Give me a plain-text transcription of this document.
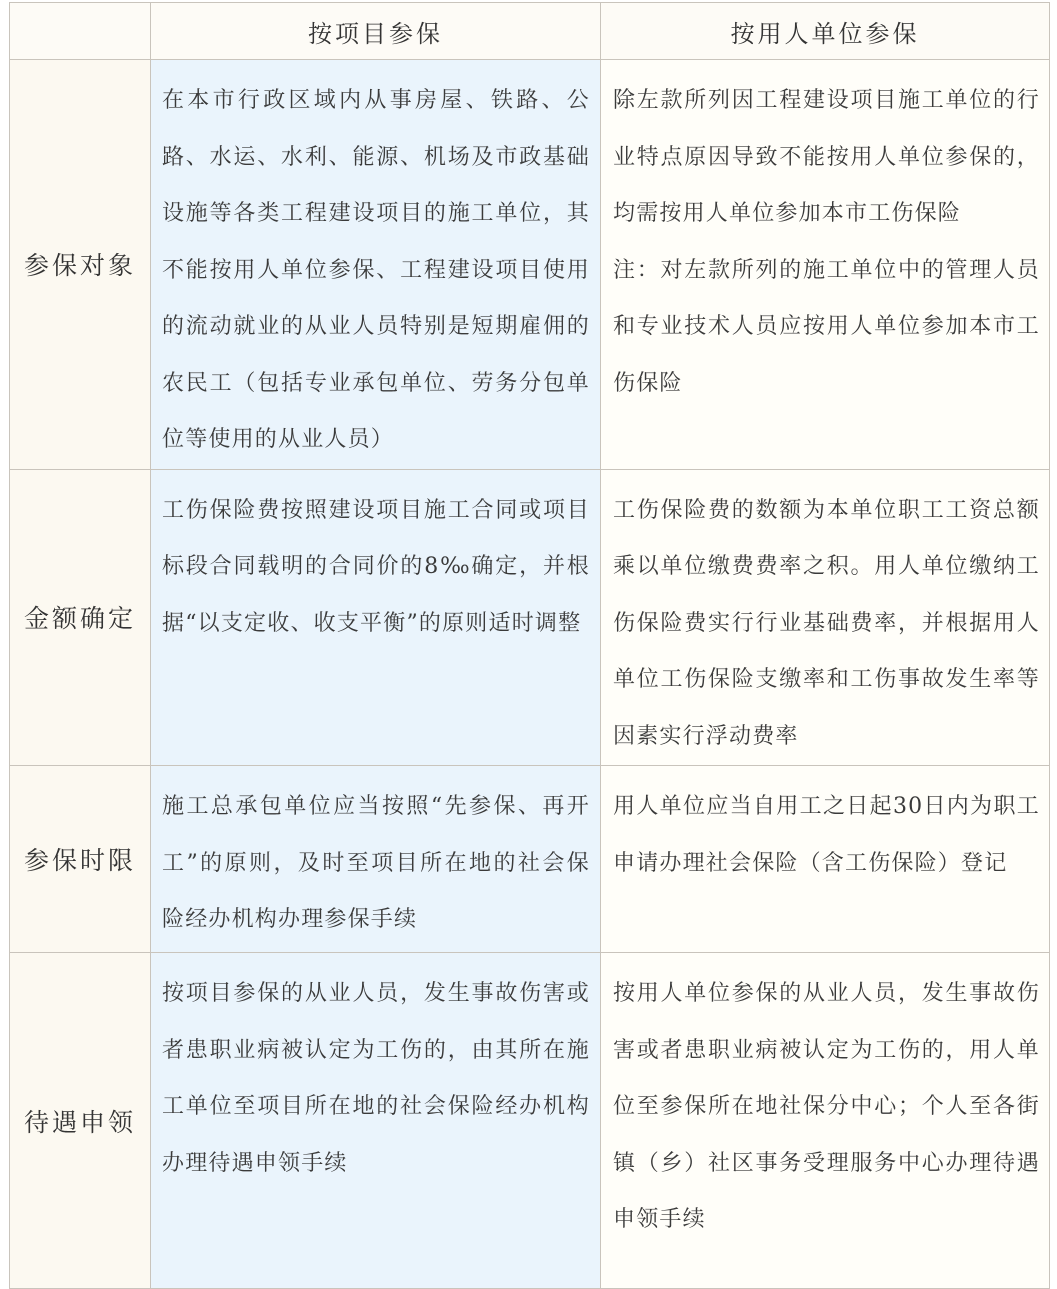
	按项目参保	按用人单位参保
参保对象	在本市行政区域内从事房屋、铁路、公路、水运、水利、能源、机场及市政基础设施等各类工程建设项目的施工单位，其不能按用人单位参保、工程建设项目使用的流动就业的从业人员特别是短期雇佣的农民工（包括专业承包单位、劳务分包单位等使用的从业人员）	除左款所列因工程建设项目施工单位的行业特点原因导致不能按用人单位参保的，均需按用人单位参加本市工伤保险
注：对左款所列的施工单位中的管理人员和专业技术人员应按用人单位参加本市工伤保险

金额确定	工伤保险费按照建设项目施工合同或项目标段合同载明的合同价的8‰确定，并根据“以支定收、收支平衡”的原则适时调整	工伤保险费的数额为本单位职工工资总额乘以单位缴费费率之积。用人单位缴纳工伤保险费实行行业基础费率，并根据用人单位工伤保险支缴率和工伤事故发生率等因素实行浮动费率
参保时限	施工总承包单位应当按照“先参保、再开工”的原则，及时至项目所在地的社会保险经办机构办理参保手续	用人单位应当自用工之日起30日内为职工申请办理社会保险（含工伤保险）登记
待遇申领	按项目参保的从业人员，发生事故伤害或者患职业病被认定为工伤的，由其所在施工单位至项目所在地的社会保险经办机构办理待遇申领手续	按用人单位参保的从业人员，发生事故伤害或者患职业病被认定为工伤的，用人单位至参保所在地社保分中心；个人至各街镇（乡）社区事务受理服务中心办理待遇申领手续
